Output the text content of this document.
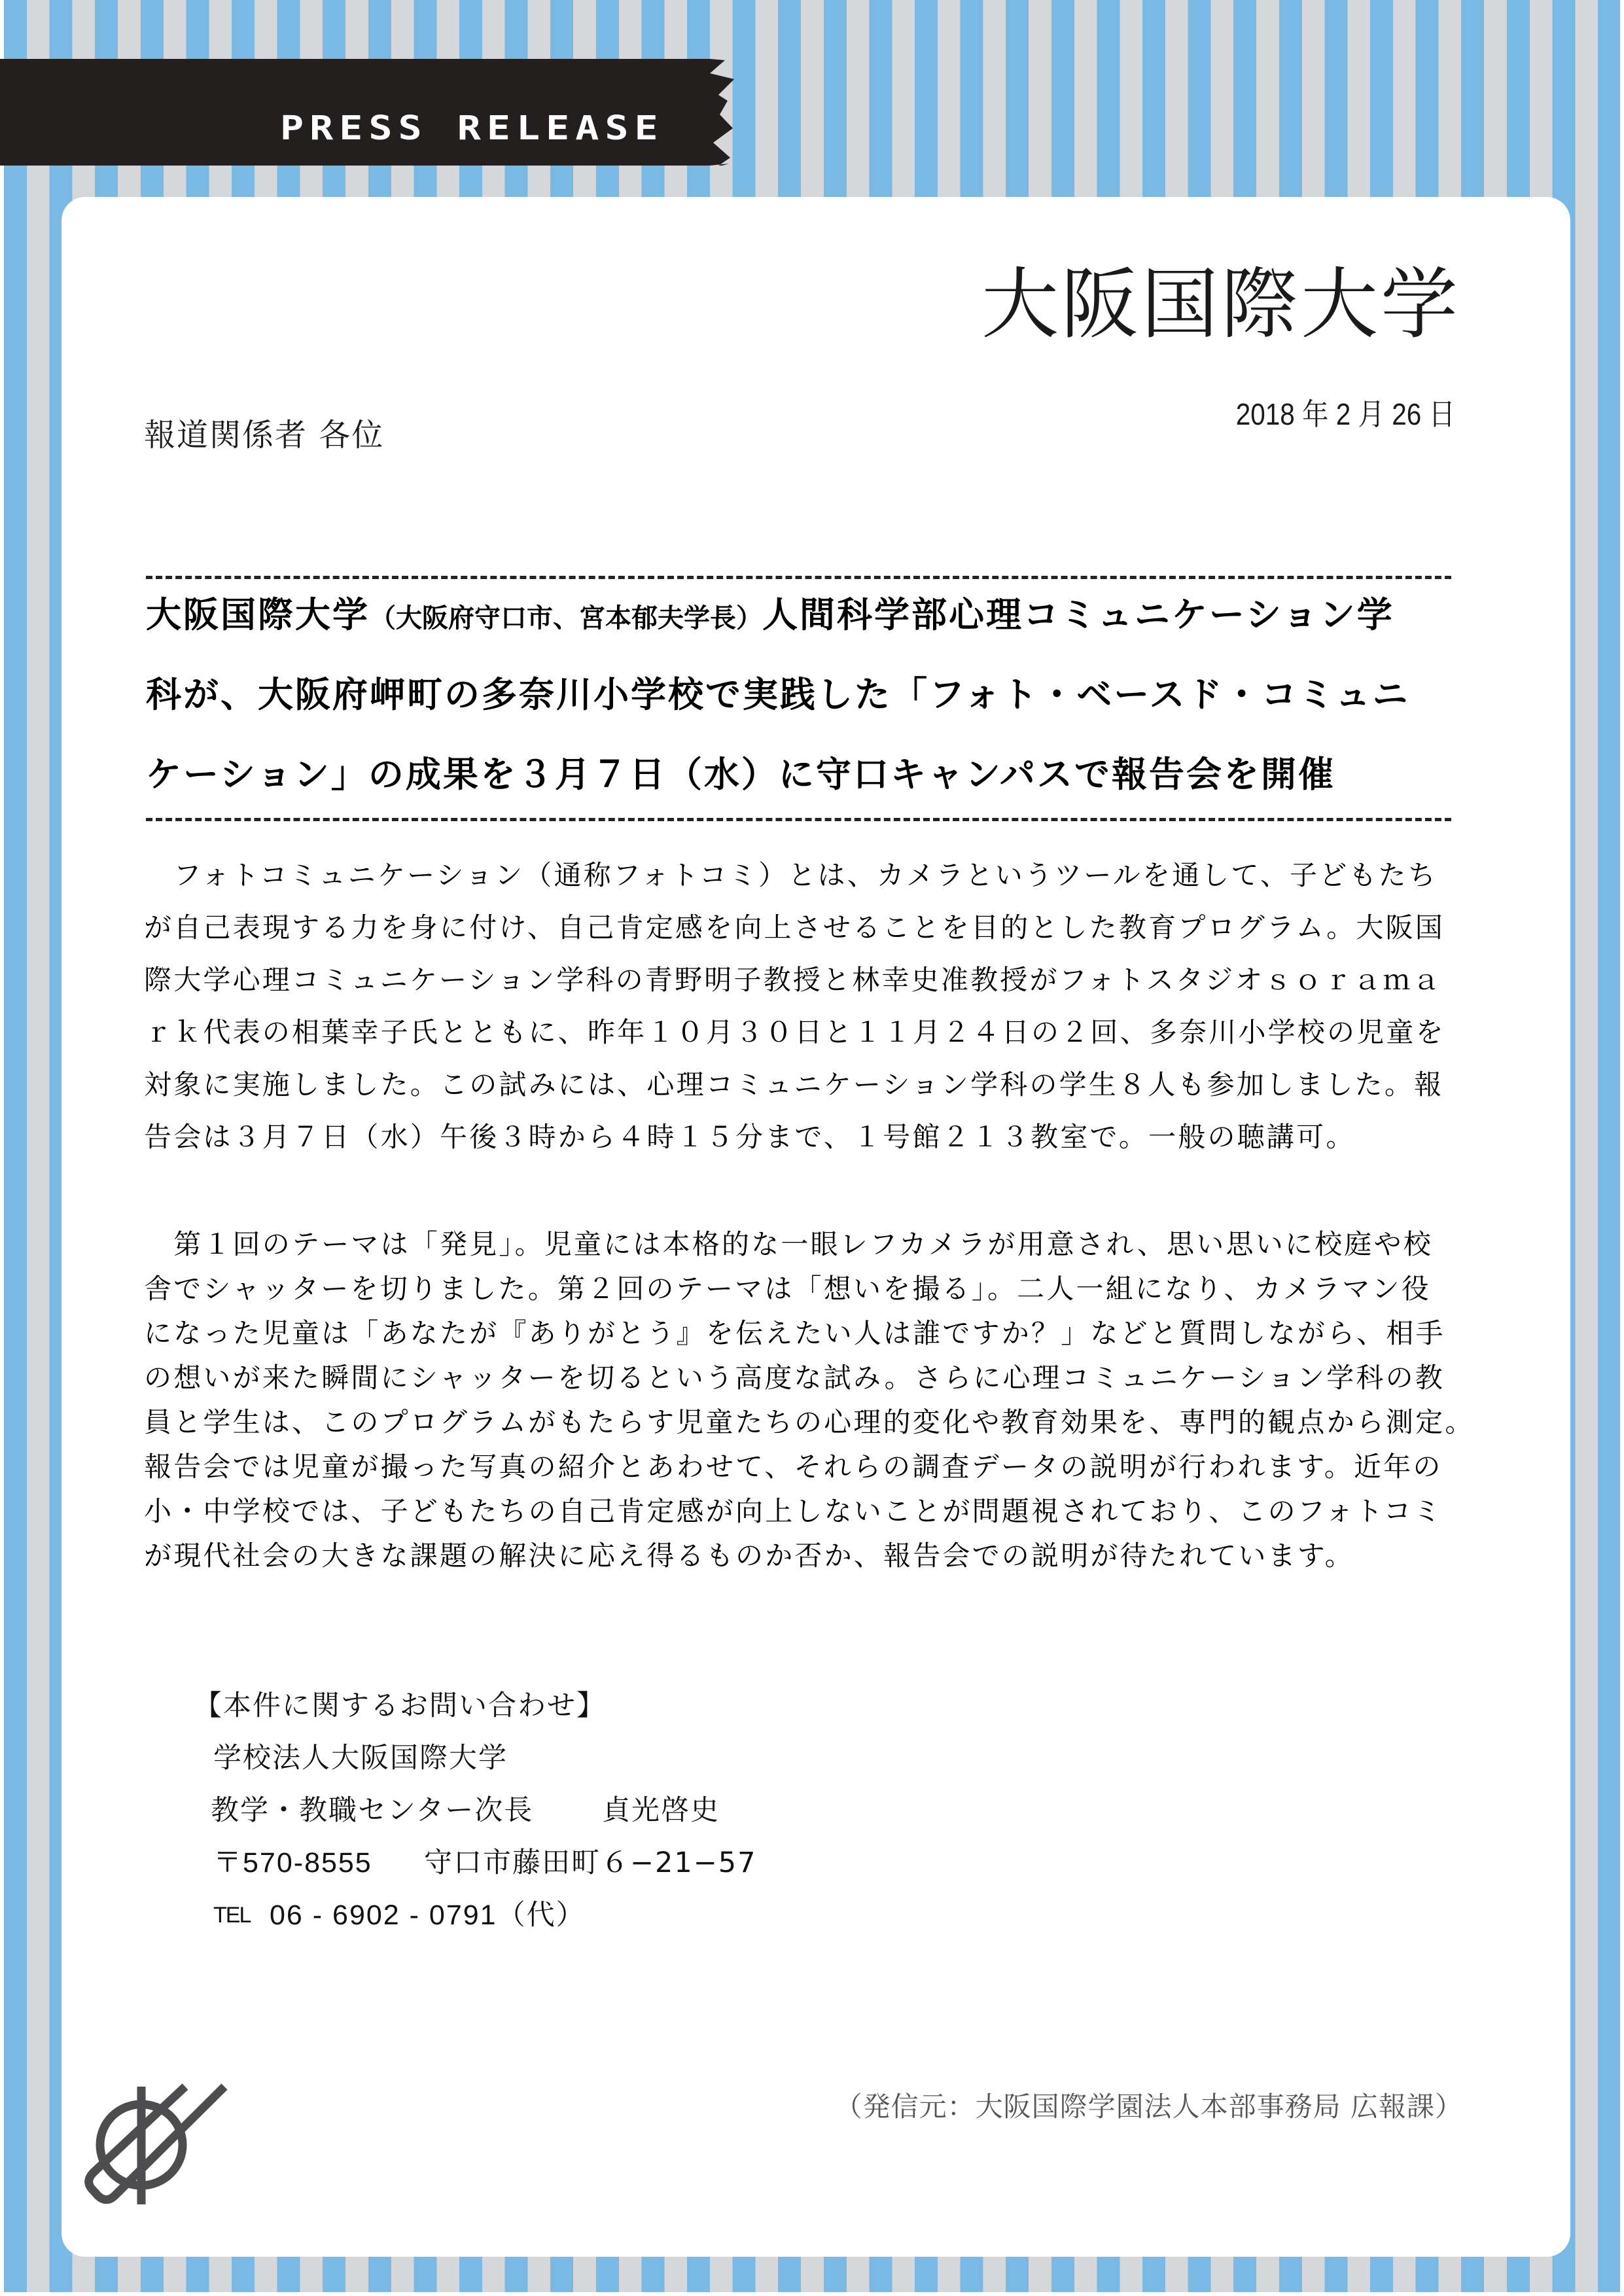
PRESS RELEASE
大阪国際大学
2018 年 2 月 26 日
報道関係者 各位
大阪国際大学（大阪府守口市、宮本郁夫学長）人間科学部心理コミュニケーション学
科が、大阪府岬町の多奈川小学校で実践した「フォト・ベースド・コミュニ
ケーション」の成果を３月７日（水）に守口キャンパスで報告会を開催
　フォトコミュニケーション（通称フォトコミ）とは、カメラというツールを通して、子どもたち
が自己表現する力を身に付け、自己肯定感を向上させることを目的とした教育プログラム。大阪国
際大学心理コミュニケーション学科の青野明子教授と林幸史准教授がフォトスタジオｓｏｒａｍａ
ｒｋ代表の相葉幸子氏とともに、昨年１０月３０日と１１月２４日の２回、多奈川小学校の児童を
対象に実施しました。この試みには、心理コミュニケーション学科の学生８人も参加しました。報
告会は３月７日（水）午後３時から４時１５分まで、１号館２１３教室で。一般の聴講可。
　第１回のテーマは「発見」。児童には本格的な一眼レフカメラが用意され、思い思いに校庭や校
舎でシャッターを切りました。第２回のテーマは「想いを撮る」。二人一組になり、カメラマン役
になった児童は「あなたが『ありがとう』を伝えたい人は誰ですか？」などと質問しながら、相手
の想いが来た瞬間にシャッターを切るという高度な試み。さらに心理コミュニケーション学科の教
員と学生は、このプログラムがもたらす児童たちの心理的変化や教育効果を、専門的観点から測定。
報告会では児童が撮った写真の紹介とあわせて、それらの調査データの説明が行われます。近年の
小・中学校では、子どもたちの自己肯定感が向上しないことが問題視されており、このフォトコミ
が現代社会の大きな課題の解決に応え得るものか否か、報告会での説明が待たれています。
【本件に関するお問い合わせ】
学校法人大阪国際大学
教学・教職センター次長 貞光啓史
〒570-8555 守口市藤田町６−21−57
TEL 06 - 6902 - 0791（代）
（発信元：大阪国際学園法人本部事務局 広報課）
